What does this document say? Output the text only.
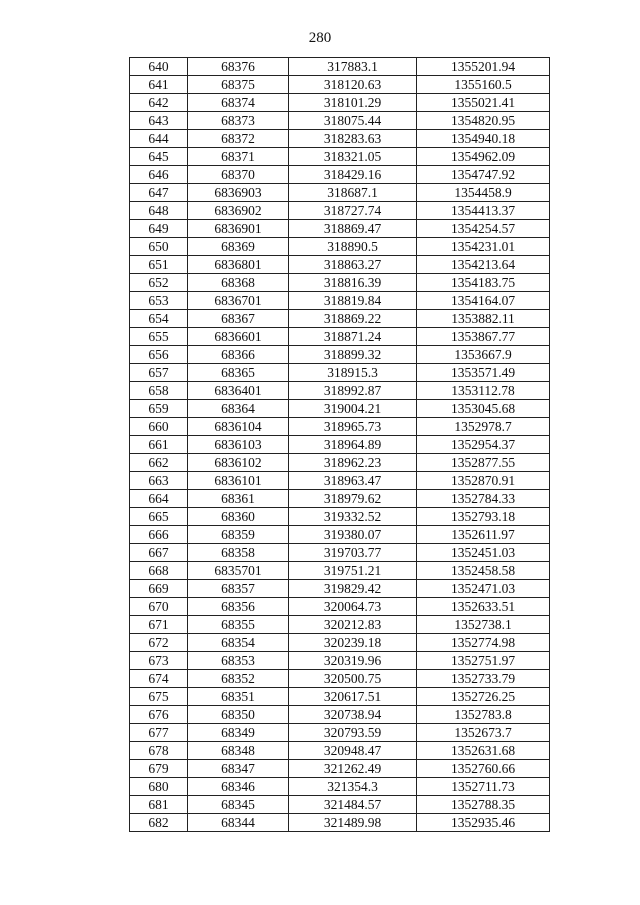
280
640	68376	317883.1	1355201.94
641	68375	318120.63	1355160.5
642	68374	318101.29	1355021.41
643	68373	318075.44	1354820.95
644	68372	318283.63	1354940.18
645	68371	318321.05	1354962.09
646	68370	318429.16	1354747.92
647	6836903	318687.1	1354458.9
648	6836902	318727.74	1354413.37
649	6836901	318869.47	1354254.57
650	68369	318890.5	1354231.01
651	6836801	318863.27	1354213.64
652	68368	318816.39	1354183.75
653	6836701	318819.84	1354164.07
654	68367	318869.22	1353882.11
655	6836601	318871.24	1353867.77
656	68366	318899.32	1353667.9
657	68365	318915.3	1353571.49
658	6836401	318992.87	1353112.78
659	68364	319004.21	1353045.68
660	6836104	318965.73	1352978.7
661	6836103	318964.89	1352954.37
662	6836102	318962.23	1352877.55
663	6836101	318963.47	1352870.91
664	68361	318979.62	1352784.33
665	68360	319332.52	1352793.18
666	68359	319380.07	1352611.97
667	68358	319703.77	1352451.03
668	6835701	319751.21	1352458.58
669	68357	319829.42	1352471.03
670	68356	320064.73	1352633.51
671	68355	320212.83	1352738.1
672	68354	320239.18	1352774.98
673	68353	320319.96	1352751.97
674	68352	320500.75	1352733.79
675	68351	320617.51	1352726.25
676	68350	320738.94	1352783.8
677	68349	320793.59	1352673.7
678	68348	320948.47	1352631.68
679	68347	321262.49	1352760.66
680	68346	321354.3	1352711.73
681	68345	321484.57	1352788.35
682	68344	321489.98	1352935.46
